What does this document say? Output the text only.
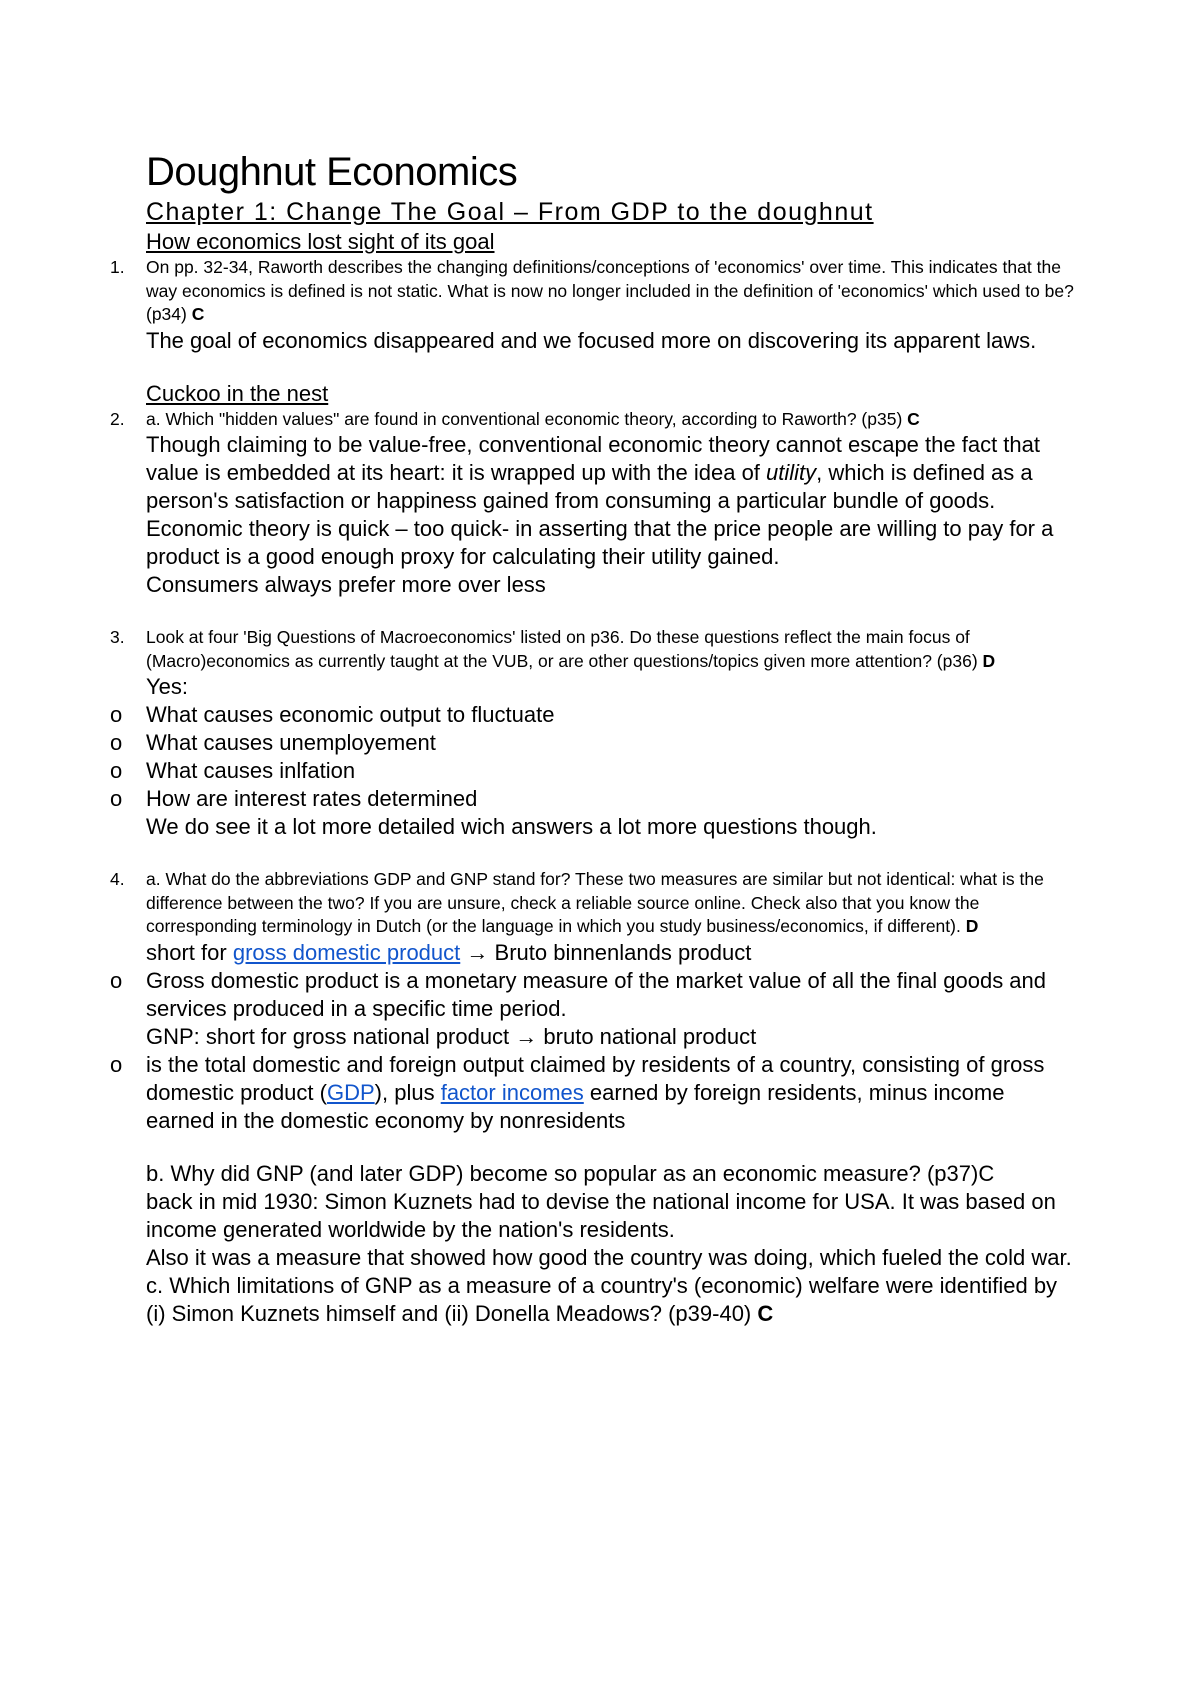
Doughnut Economics

Chapter 1: Change The Goal – From GDP to the doughnut

How economics lost sight of its goal

1. On pp. 32-34, Raworth describes the changing definitions/conceptions of 'economics' over time. This indicates that the way economics is defined is not static. What is now no longer included in the definition of 'economics' which used to be? (p34) C

The goal of economics disappeared and we focused more on discovering its apparent laws.

Cuckoo in the nest

2. a. Which "hidden values" are found in conventional economic theory, according to Raworth? (p35) C

Though claiming to be value-free, conventional economic theory cannot escape the fact that value is embedded at its heart: it is wrapped up with the idea of utility, which is defined as a person's satisfaction or happiness gained from consuming a particular bundle of goods.

Economic theory is quick – too quick- in asserting that the price people are willing to pay for a product is a good enough proxy for calculating their utility gained.

Consumers always prefer more over less

3. Look at four 'Big Questions of Macroeconomics' listed on p36. Do these questions reflect the main focus of (Macro)economics as currently taught at the VUB, or are other questions/topics given more attention? (p36) D

Yes:

o What causes economic output to fluctuate

o What causes unemployement

o What causes inlfation

o How are interest rates determined

We do see it a lot more detailed wich answers a lot more questions though.

4. a. What do the abbreviations GDP and GNP stand for? These two measures are similar but not identical: what is the difference between the two? If you are unsure, check a reliable source online. Check also that you know the corresponding terminology in Dutch (or the language in which you study business/economics, if different). D

short for gross domestic product → Bruto binnenlands product

o Gross domestic product is a monetary measure of the market value of all the final goods and services produced in a specific time period.

GNP: short for gross national product → bruto national product

o is the total domestic and foreign output claimed by residents of a country, consisting of gross domestic product (GDP), plus factor incomes earned by foreign residents, minus income earned in the domestic economy by nonresidents

b. Why did GNP (and later GDP) become so popular as an economic measure? (p37)C

back in mid 1930: Simon Kuznets had to devise the national income for USA. It was based on income generated worldwide by the nation's residents.

Also it was a measure that showed how good the country was doing, which fueled the cold war.

c. Which limitations of GNP as a measure of a country's (economic) welfare were identified by (i) Simon Kuznets himself and (ii) Donella Meadows? (p39-40) C
